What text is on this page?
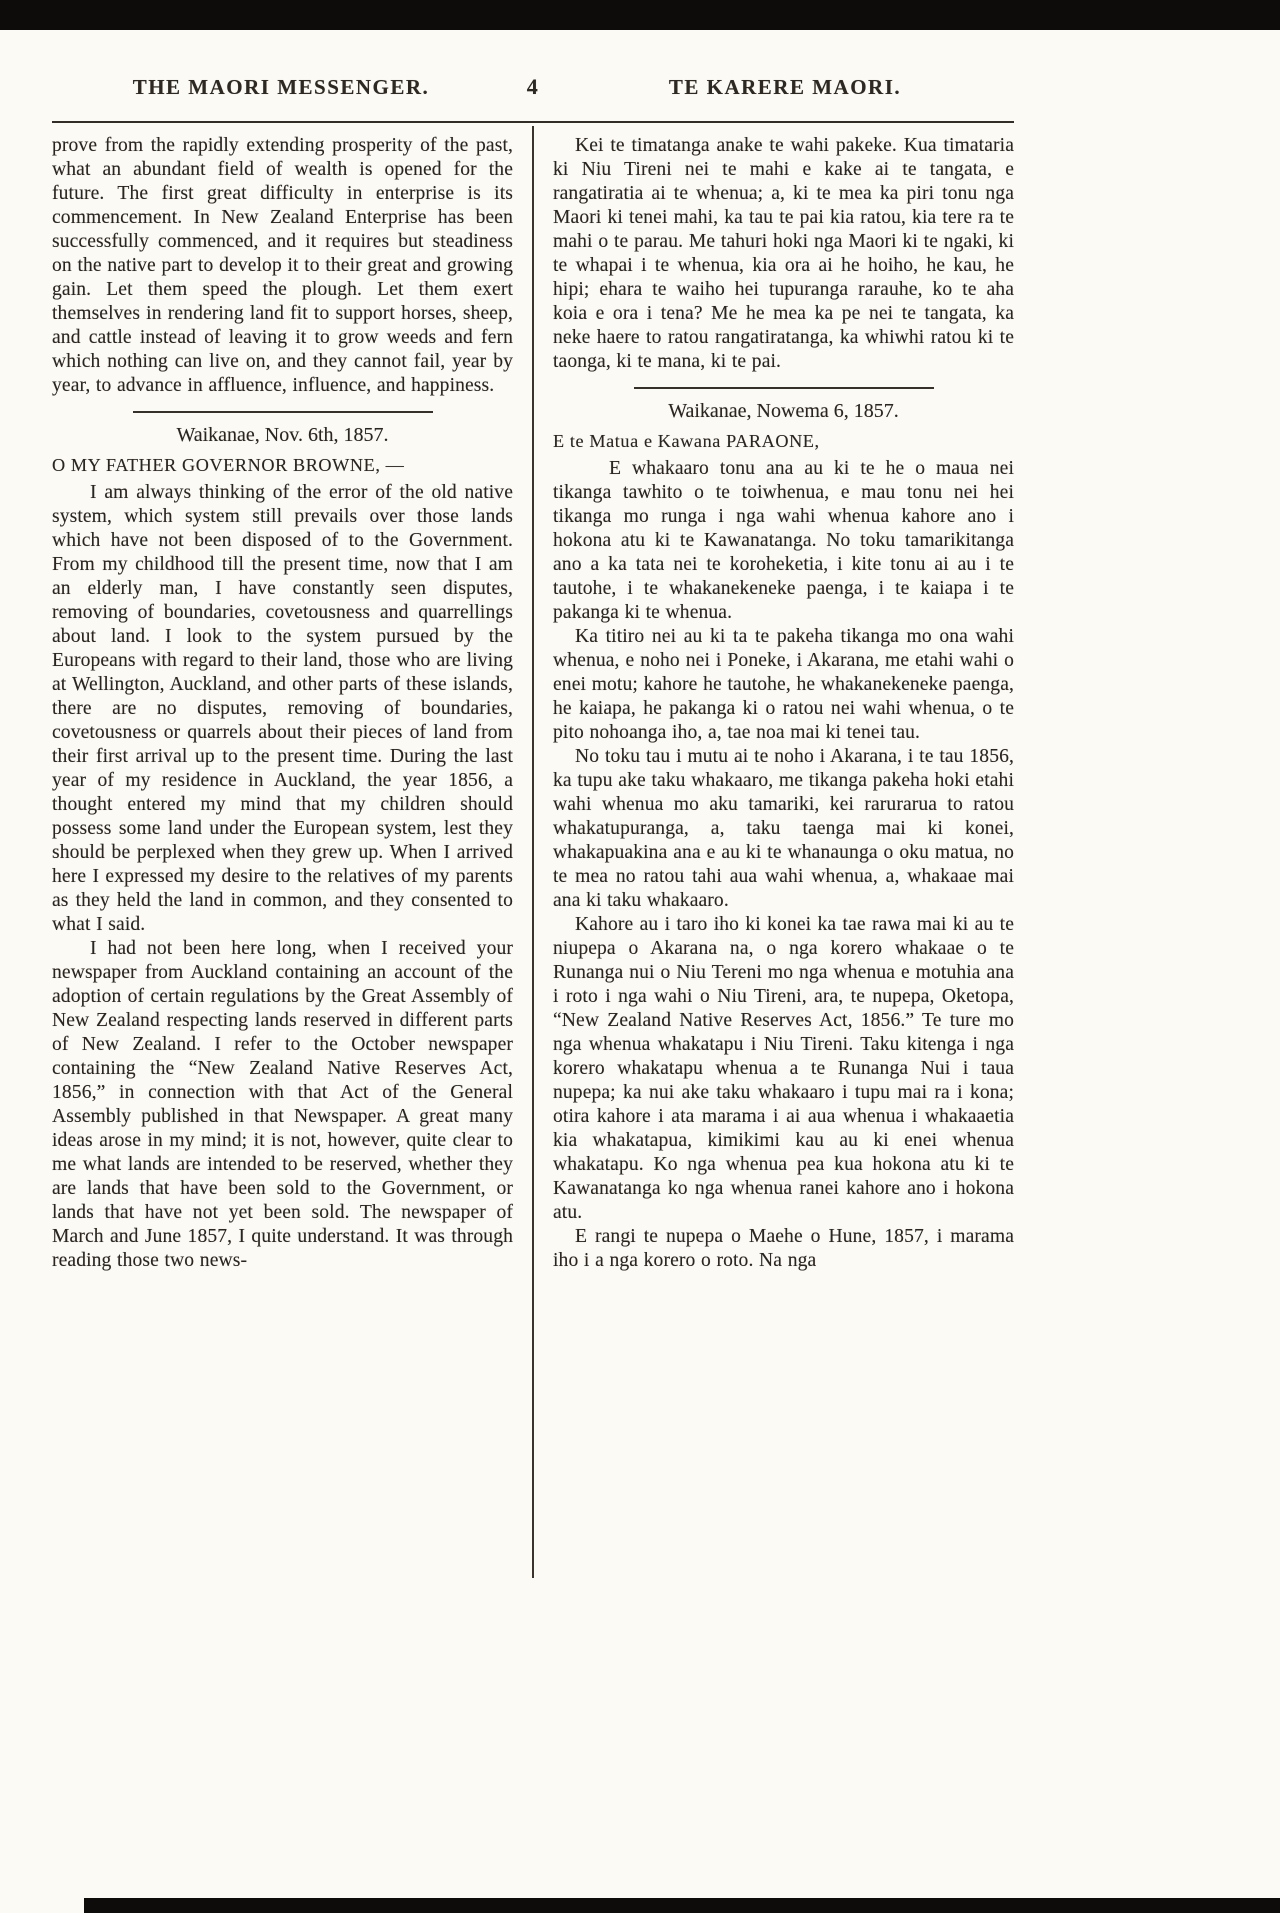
THE MAORI MESSENGER.	4	TE KARERE MAORI.

prove from the rapidly extending prosperity of the past, what an abundant field of wealth is opened for the future. The first great difficulty in enterprise is its commencement. In New Zealand Enterprise has been successfully commenced, and it requires but steadiness on the native part to develop it to their great and growing gain. Let them speed the plough. Let them exert themselves in rendering land fit to support horses, sheep, and cattle instead of leaving it to grow weeds and fern which nothing can live on, and they cannot fail, year by year, to advance in affluence, influence, and happiness.

Waikanae, Nov. 6th, 1857.

O MY FATHER GOVERNOR BROWNE, —

I am always thinking of the error of the old native system, which system still prevails over those lands which have not been disposed of to the Government. From my childhood till the present time, now that I am an elderly man, I have constantly seen disputes, removing of boundaries, covetousness and quarrellings about land. I look to the system pursued by the Europeans with regard to their land, those who are living at Wellington, Auckland, and other parts of these islands, there are no disputes, removing of boundaries, covetousness or quarrels about their pieces of land from their first arrival up to the present time. During the last year of my residence in Auckland, the year 1856, a thought entered my mind that my children should possess some land under the European system, lest they should be perplexed when they grew up. When I arrived here I expressed my desire to the relatives of my parents as they held the land in common, and they consented to what I said.

I had not been here long, when I received your newspaper from Auckland containing an account of the adoption of certain regulations by the Great Assembly of New Zealand respecting lands reserved in different parts of New Zealand. I refer to the October newspaper containing the “New Zealand Native Reserves Act, 1856,” in connection with that Act of the General Assembly published in that Newspaper. A great many ideas arose in my mind; it is not, however, quite clear to me what lands are intended to be reserved, whether they are lands that have been sold to the Government, or lands that have not yet been sold. The newspaper of March and June 1857, I quite understand. It was through reading those two news-

Kei te timatanga anake te wahi pakeke. Kua timataria ki Niu Tireni nei te mahi e kake ai te tangata, e rangatiratia ai te whenua; a, ki te mea ka piri tonu nga Maori ki tenei mahi, ka tau te pai kia ratou, kia tere ra te mahi o te parau. Me tahuri hoki nga Maori ki te ngaki, ki te whapai i te whenua, kia ora ai he hoiho, he kau, he hipi; ehara te waiho hei tupuranga rarauhe, ko te aha koia e ora i tena? Me he mea ka pe nei te tangata, ka neke haere to ratou rangatiratanga, ka whiwhi ratou ki te taonga, ki te mana, ki te pai.

Waikanae, Nowema 6, 1857.

E te Matua e Kawana PARAONE,

E whakaaro tonu ana au ki te he o maua nei tikanga tawhito o te toiwhenua, e mau tonu nei hei tikanga mo runga i nga wahi whenua kahore ano i hokona atu ki te Kawanatanga. No toku tamarikitanga ano a ka tata nei te koroheketia, i kite tonu ai au i te tautohe, i te whakanekeneke paenga, i te kaiapa i te pakanga ki te whenua.

Ka titiro nei au ki ta te pakeha tikanga mo ona wahi whenua, e noho nei i Poneke, i Akarana, me etahi wahi o enei motu; kahore he tautohe, he whakanekeneke paenga, he kaiapa, he pakanga ki o ratou nei wahi whenua, o te pito nohoanga iho, a, tae noa mai ki tenei tau.

No toku tau i mutu ai te noho i Akarana, i te tau 1856, ka tupu ake taku whakaaro, me tikanga pakeha hoki etahi wahi whenua mo aku tamariki, kei rarurarua to ratou whakatupuranga, a, taku taenga mai ki konei, whakapuakina ana e au ki te whanaunga o oku matua, no te mea no ratou tahi aua wahi whenua, a, whakaae mai ana ki taku whakaaro.

Kahore au i taro iho ki konei ka tae rawa mai ki au te niupepa o Akarana na, o nga korero whakaae o te Runanga nui o Niu Tereni mo nga whenua e motuhia ana i roto i nga wahi o Niu Tireni, ara, te nupepa, Oketopa, “New Zealand Native Reserves Act, 1856.” Te ture mo nga whenua whakatapu i Niu Tireni. Taku kitenga i nga korero whakatapu whenua a te Runanga Nui i taua nupepa; ka nui ake taku whakaaro i tupu mai ra i kona; otira kahore i ata marama i ai aua whenua i whakaaetia kia whakatapua, kimikimi kau au ki enei whenua whakatapu. Ko nga whenua pea kua hokona atu ki te Kawanatanga ko nga whenua ranei kahore ano i hokona atu.

E rangi te nupepa o Maehe o Hune, 1857, i marama iho i a nga korero o roto. Na nga
